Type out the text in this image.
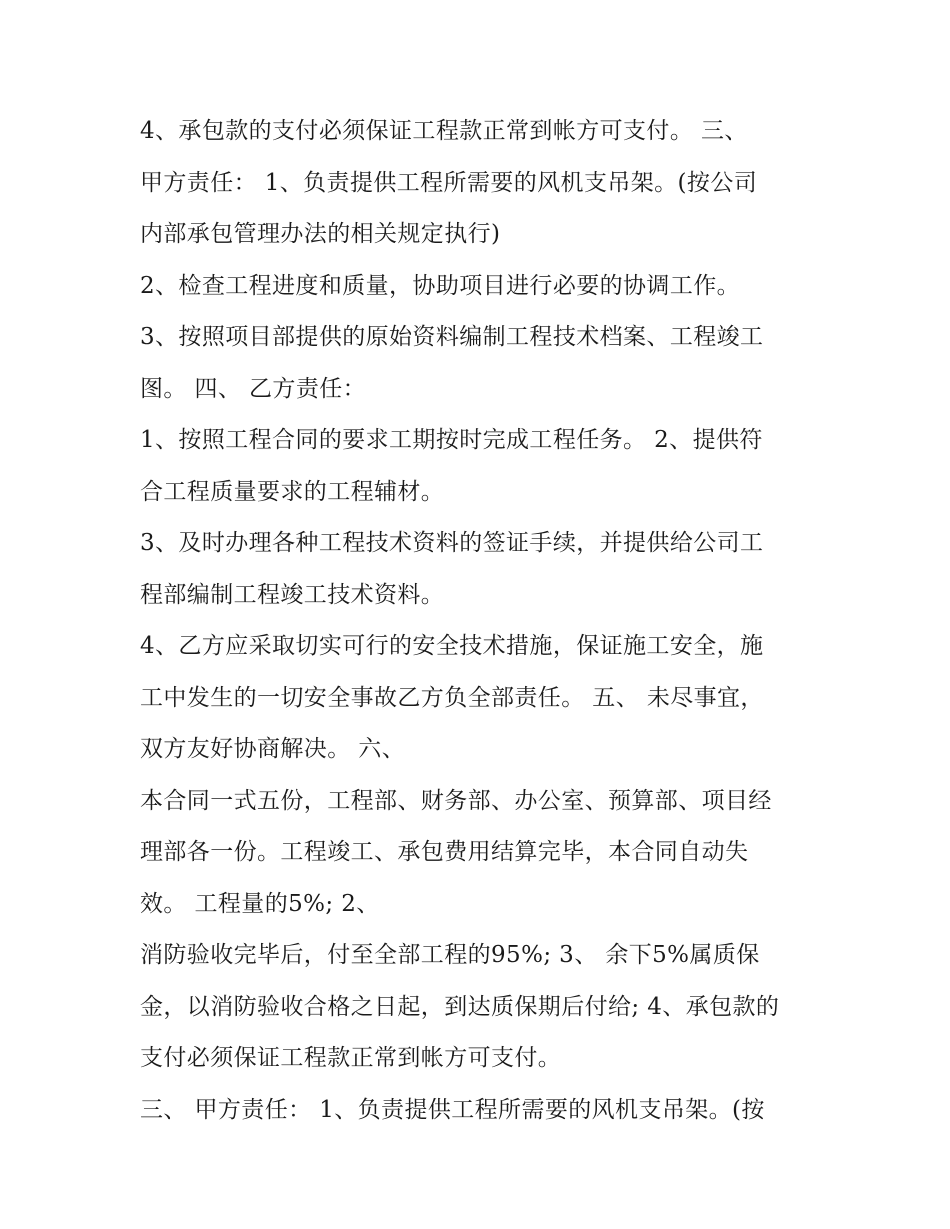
4、承包款的支付必须保证工程款正常到帐方可支付。 三、
甲方责任： 1、负责提供工程所需要的风机支吊架。(按公司
内部承包管理办法的相关规定执行)
2、检查工程进度和质量，协助项目进行必要的协调工作。
3、按照项目部提供的原始资料编制工程技术档案、工程竣工
图。 四、 乙方责任：
1、按照工程合同的要求工期按时完成工程任务。 2、提供符
合工程质量要求的工程辅材。
3、及时办理各种工程技术资料的签证手续，并提供给公司工
程部编制工程竣工技术资料。
4、乙方应采取切实可行的安全技术措施，保证施工安全，施
工中发生的一切安全事故乙方负全部责任。 五、 未尽事宜，
双方友好协商解决。 六、
本合同一式五份，工程部、财务部、办公室、预算部、项目经
理部各一份。工程竣工、承包费用结算完毕，本合同自动失
效。 工程量的5%; 2、
消防验收完毕后，付至全部工程的95%; 3、 余下5%属质保
金，以消防验收合格之日起，到达质保期后付给; 4、承包款的
支付必须保证工程款正常到帐方可支付。
三、 甲方责任： 1、负责提供工程所需要的风机支吊架。(按
